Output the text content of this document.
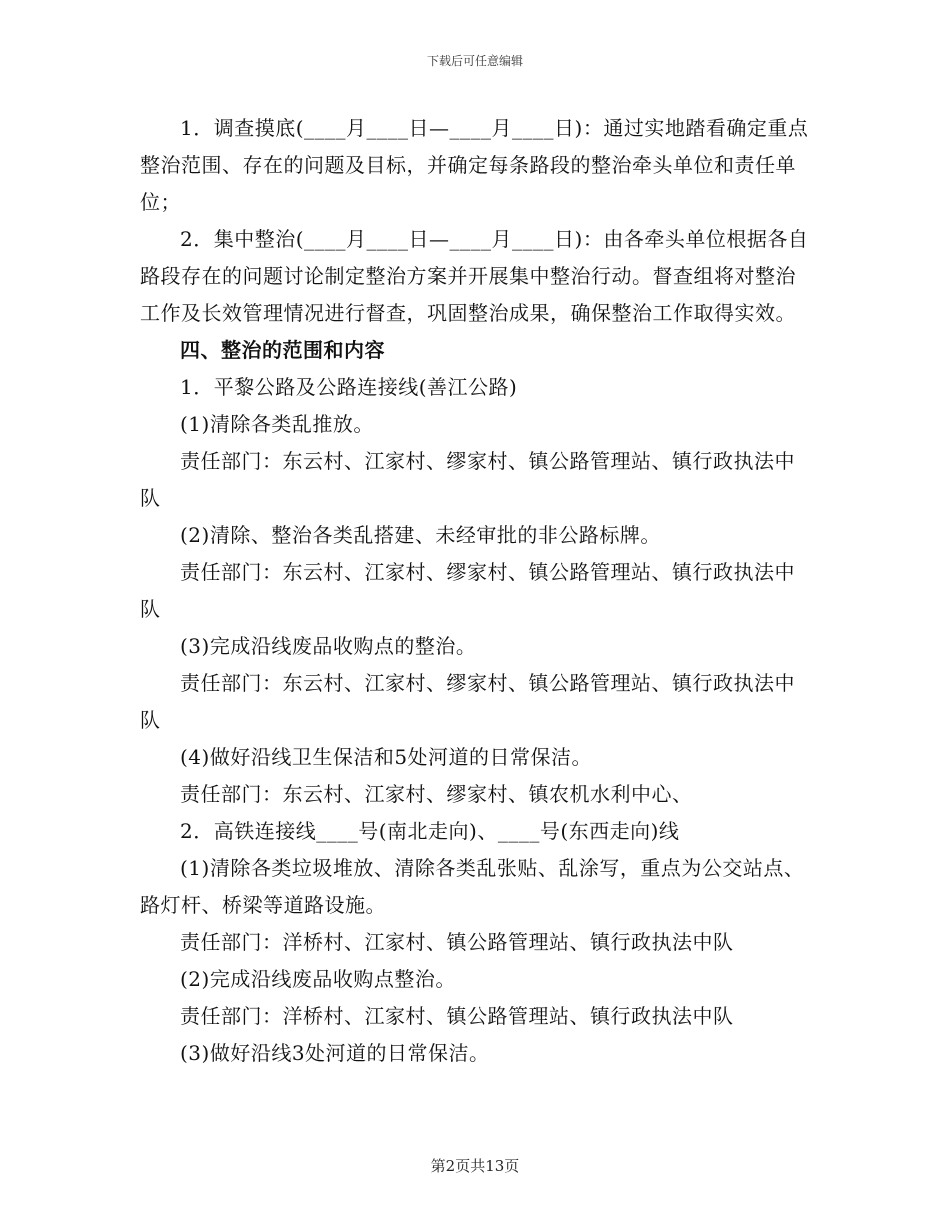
下载后可任意编辑

1．调查摸底(____月____日—____月____日)：通过实地踏看确定重点整治范围、存在的问题及目标，并确定每条路段的整治牵头单位和责任单位；

2．集中整治(____月____日—____月____日)：由各牵头单位根据各自路段存在的问题讨论制定整治方案并开展集中整治行动。督查组将对整治工作及长效管理情况进行督查，巩固整治成果，确保整治工作取得实效。

四、整治的范围和内容

1．平黎公路及公路连接线(善江公路)

(1)清除各类乱推放。

责任部门：东云村、江家村、缪家村、镇公路管理站、镇行政执法中队

(2)清除、整治各类乱搭建、未经审批的非公路标牌。

责任部门：东云村、江家村、缪家村、镇公路管理站、镇行政执法中队

(3)完成沿线废品收购点的整治。

责任部门：东云村、江家村、缪家村、镇公路管理站、镇行政执法中队

(4)做好沿线卫生保洁和5处河道的日常保洁。

责任部门：东云村、江家村、缪家村、镇农机水利中心、

2．高铁连接线____号(南北走向)、____号(东西走向)线

(1)清除各类垃圾堆放、清除各类乱张贴、乱涂写，重点为公交站点、路灯杆、桥梁等道路设施。

责任部门：洋桥村、江家村、镇公路管理站、镇行政执法中队

(2)完成沿线废品收购点整治。

责任部门：洋桥村、江家村、镇公路管理站、镇行政执法中队

(3)做好沿线3处河道的日常保洁。

第2页共13页
